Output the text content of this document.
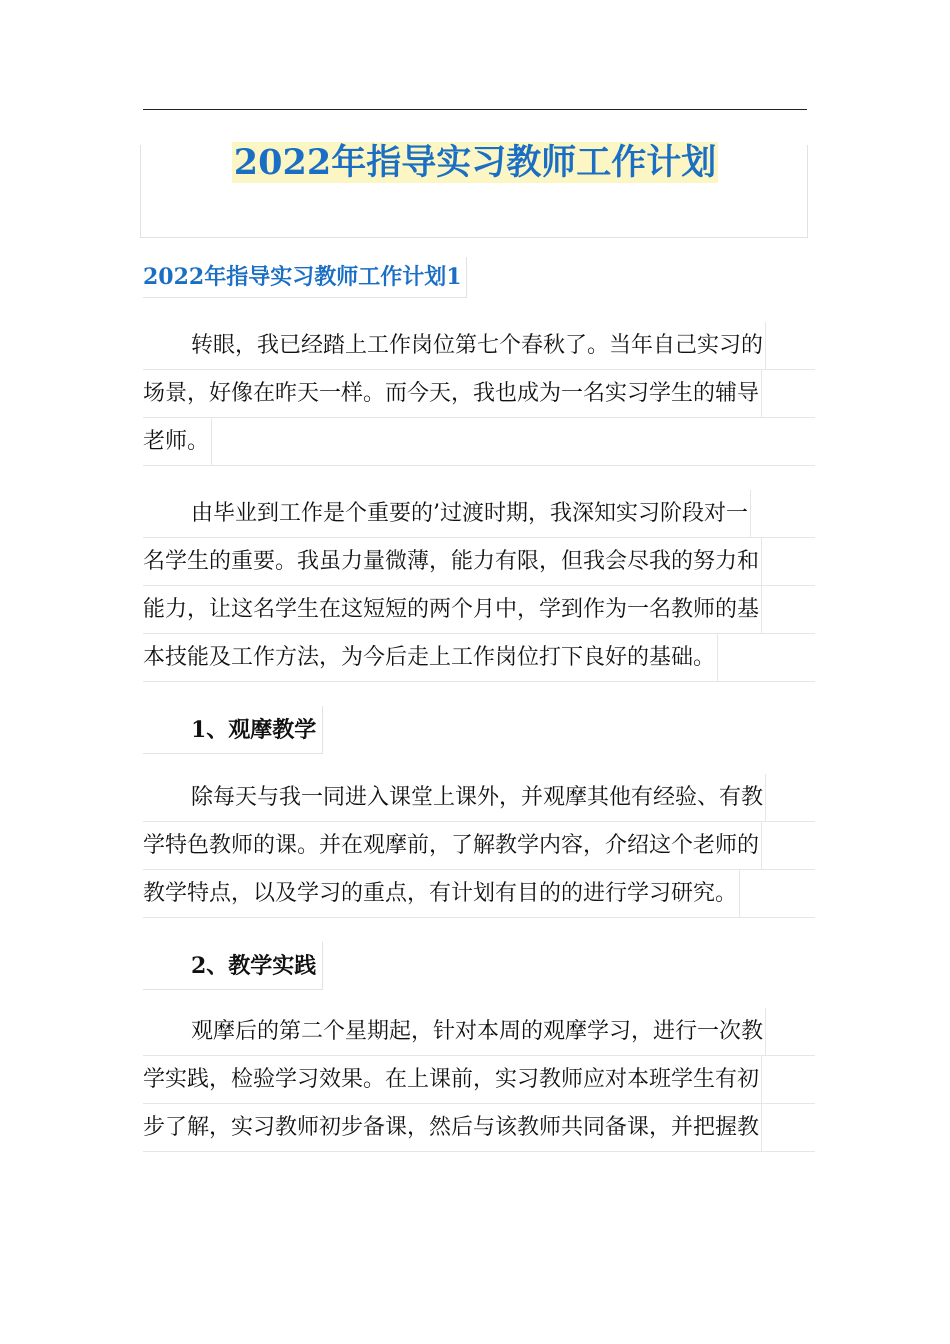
2022年指导实习教师工作计划
2022年指导实习教师工作计划1
转眼，我已经踏上工作岗位第七个春秋了。当年自己实习的
场景，好像在昨天一样。而今天，我也成为一名实习学生的辅导
老师。
由毕业到工作是个重要的’过渡时期，我深知实习阶段对一
名学生的重要。我虽力量微薄，能力有限，但我会尽我的努力和
能力，让这名学生在这短短的两个月中，学到作为一名教师的基
本技能及工作方法，为今后走上工作岗位打下良好的基础。
1、观摩教学
除每天与我一同进入课堂上课外，并观摩其他有经验、有教
学特色教师的课。并在观摩前，了解教学内容，介绍这个老师的
教学特点，以及学习的重点，有计划有目的的进行学习研究。
2、教学实践
观摩后的第二个星期起，针对本周的观摩学习，进行一次教
学实践，检验学习效果。在上课前，实习教师应对本班学生有初
步了解，实习教师初步备课，然后与该教师共同备课，并把握教
